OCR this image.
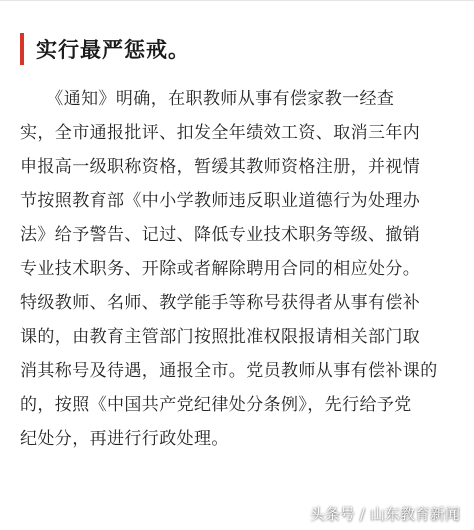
实行最严惩戒。
　　《通知》明确，在职教师从事有偿家教一经查
实，全市通报批评、扣发全年绩效工资、取消三年内
申报高一级职称资格，暂缓其教师资格注册，并视情
节按照教育部《中小学教师违反职业道德行为处理办
法》给予警告、记过、降低专业技术职务等级、撤销
专业技术职务、开除或者解除聘用合同的相应处分。
特级教师、名师、教学能手等称号获得者从事有偿补
课的，由教育主管部门按照批准权限报请相关部门取
消其称号及待遇，通报全市。党员教师从事有偿补课的
的，按照《中国共产党纪律处分条例》，先行给予党
纪处分，再进行行政处理。
头条号 / 山东教育新闻
